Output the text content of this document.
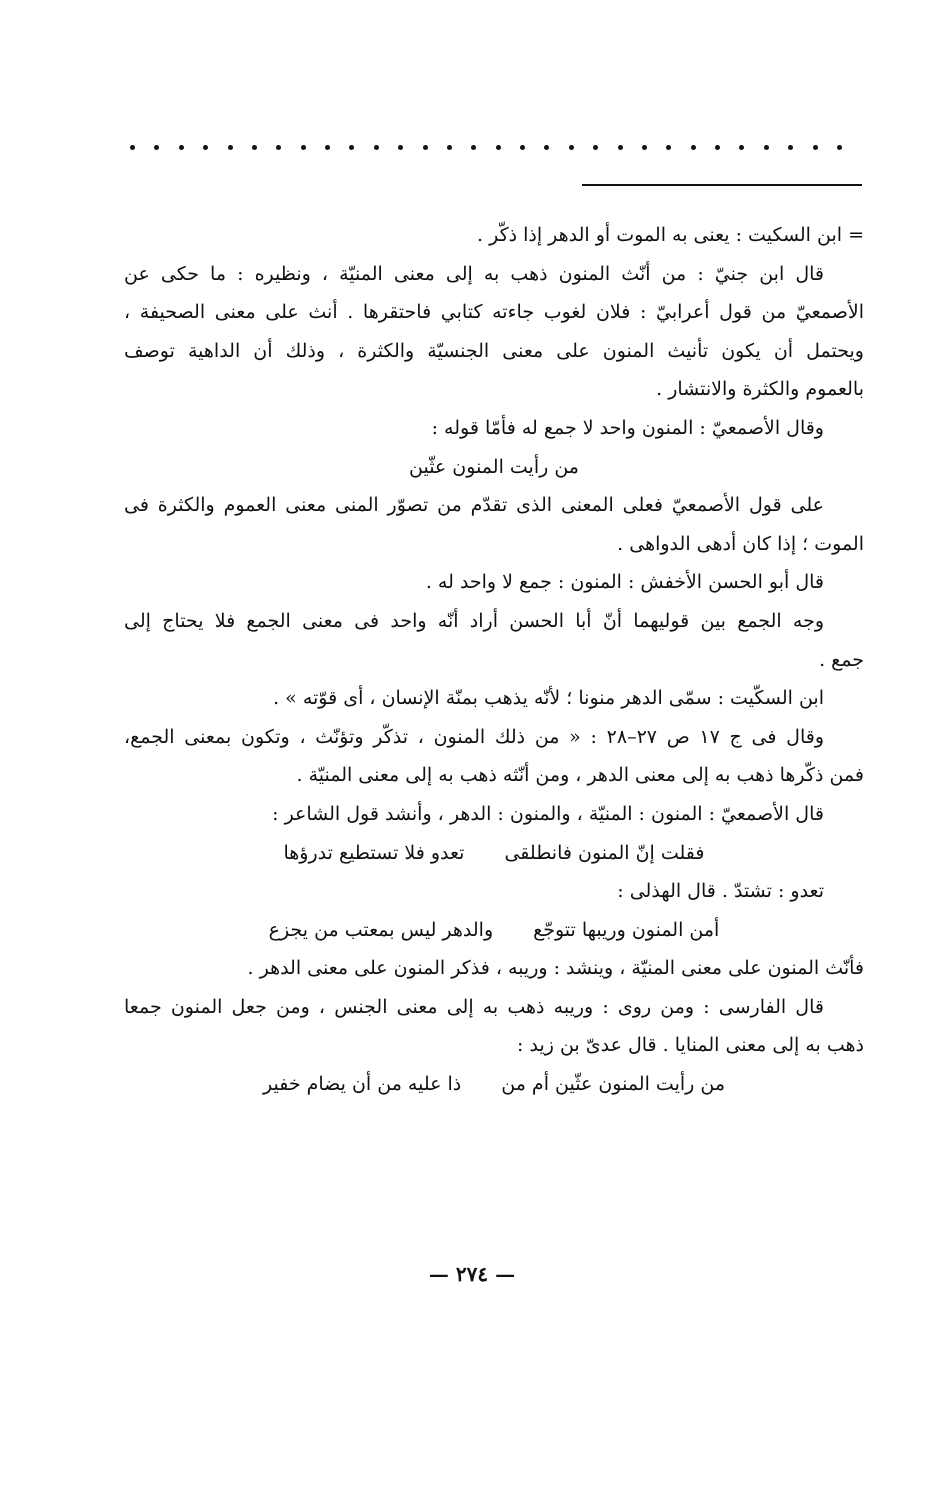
= ابن السكيت : يعنى به الموت أو الدهر إذا ذكّر .
قال ابن جنيّ : من أنّث المنون ذهب به إلى معنى المنيّة ، ونظيره : ما حكى عن
الأصمعيّ من قول أعرابيّ : فلان لغوب جاءته كتابي فاحتقرها . أنث على معنى الصحيفة ،
ويحتمل أن يكون تأنيث المنون على معنى الجنسيّة والكثرة ، وذلك أن الداهية توصف
بالعموم والكثرة والانتشار .
وقال الأصمعيّ : المنون واحد لا جمع له فأمّا قوله :
من رأيت المنون عثّين
على قول الأصمعيّ فعلى المعنى الذى تقدّم من تصوّر المنى معنى العموم والكثرة فى
الموت ؛ إذا كان أدهى الدواهى .
قال أبو الحسن الأخفش : المنون : جمع لا واحد له .
وجه الجمع بين قوليهما أنّ أبا الحسن أراد أنّه واحد فى معنى الجمع فلا يحتاج إلى
جمع .
ابن السكّيت : سمّى الدهر منونا ؛ لأنّه يذهب بمنّة الإنسان ، أى قوّته » .
وقال فى ج ١٧ ص ٢٧–٢٨ : « من ذلك المنون ، تذكّر وتؤنّث ، وتكون بمعنى الجمع،
فمن ذكّرها ذهب به إلى معنى الدهر ، ومن أنّثه ذهب به إلى معنى المنيّة .
قال الأصمعيّ : المنون : المنيّة ، والمنون : الدهر ، وأنشد قول الشاعر :
فقلت إنّ المنون فانطلقى
تعدو فلا تستطيع تدرؤها
تعدو : تشتدّ . قال الهذلى :
أمن المنون وريبها تتوجّع
والدهر ليس بمعتب من يجزع
فأنّث المنون على معنى المنيّة ، وينشد : وريبه ، فذكر المنون على معنى الدهر .
قال الفارسى : ومن روى : وريبه ذهب به إلى معنى الجنس ، ومن جعل المنون جمعا
ذهب به إلى معنى المنايا . قال عدىّ بن زيد :
من رأيت المنون عثّين أم من
ذا عليه من أن يضام خفير
— ٢٧٤ —
